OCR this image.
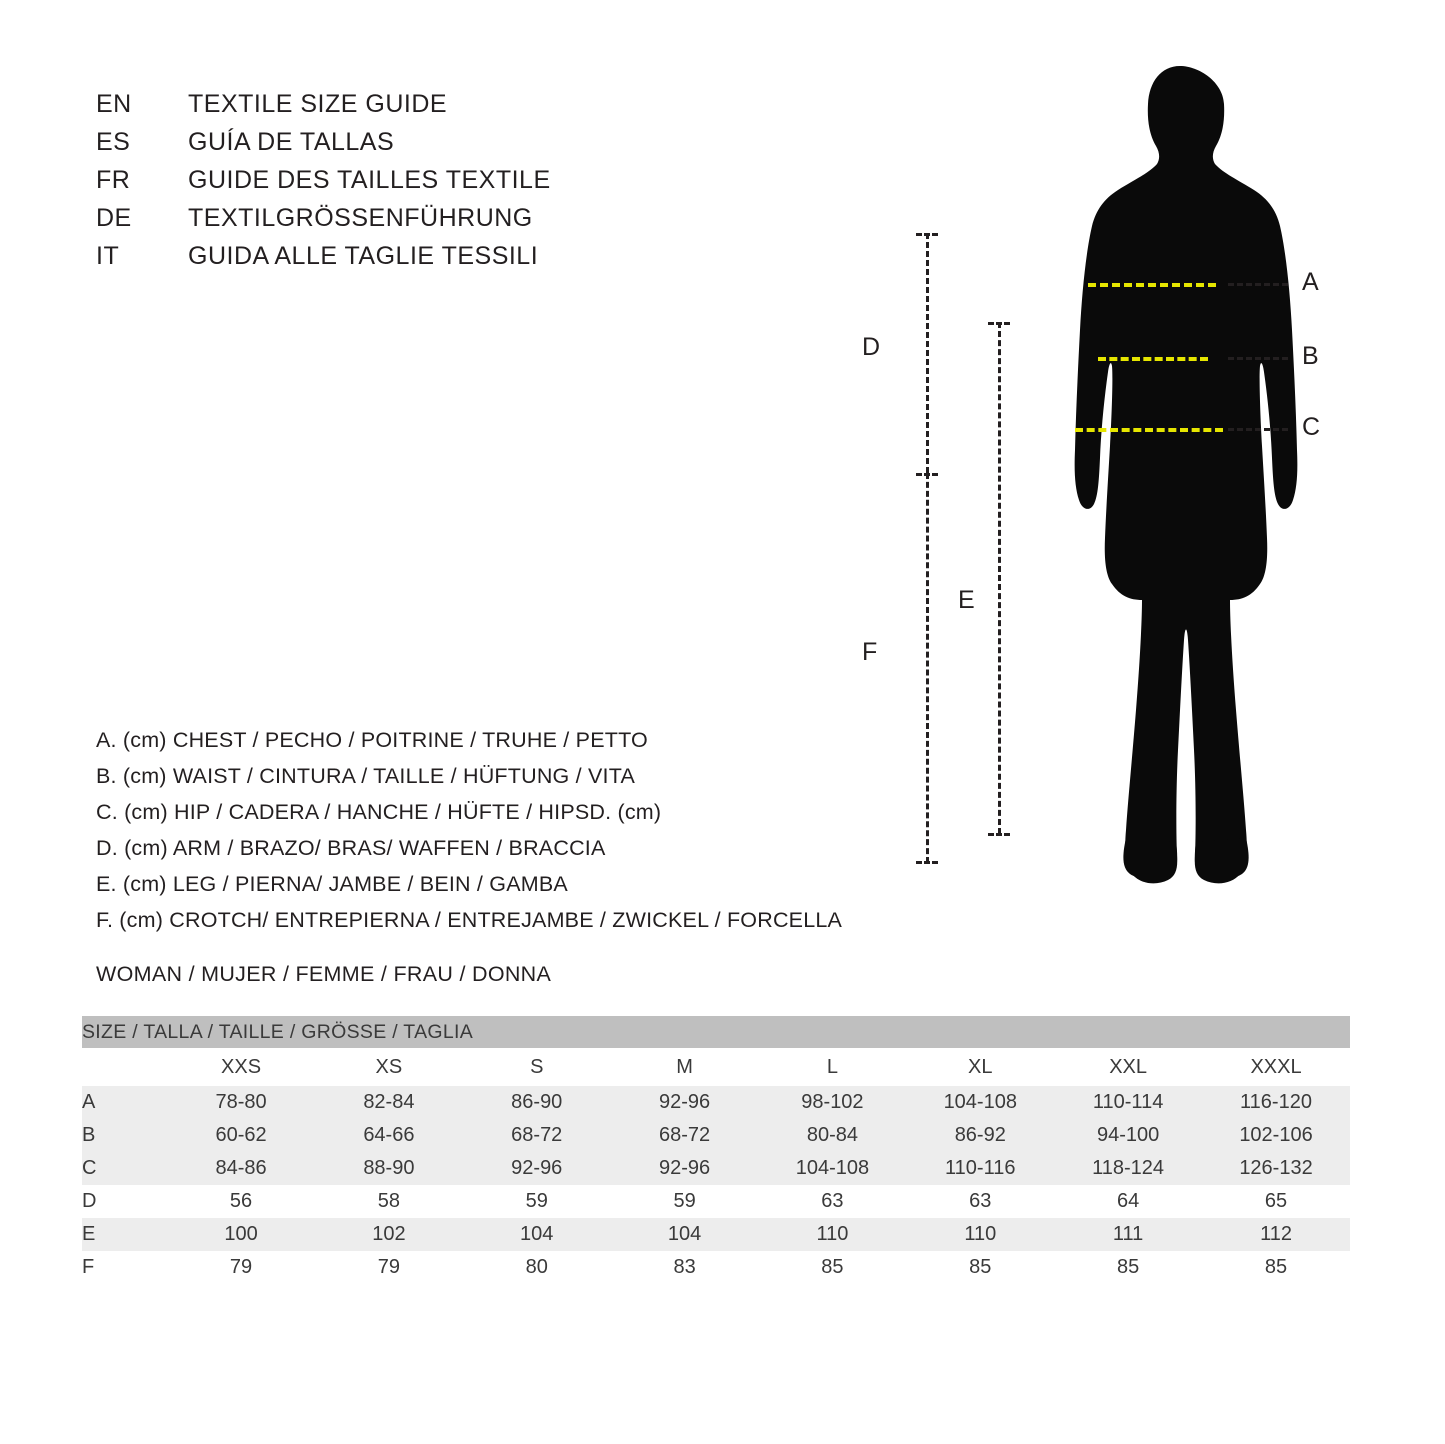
EN	TEXTILE SIZE GUIDE
ES	GUÍA DE TALLAS
FR	GUIDE DES TAILLES TEXTILE
DE	TEXTILGRÖSSENFÜHRUNG
IT	GUIDA ALLE TAGLIE TESSILI
A
B
C
D
F
E
A. (cm) CHEST / PECHO / POITRINE / TRUHE / PETTO
B. (cm) WAIST / CINTURA / TAILLE / HÜFTUNG / VITA
C. (cm) HIP / CADERA / HANCHE / HÜFTE / HIPSD. (cm)
D. (cm) ARM / BRAZO/ BRAS/ WAFFEN / BRACCIA
E. (cm) LEG / PIERNA/ JAMBE / BEIN / GAMBA
F. (cm) CROTCH/ ENTREPIERNA / ENTREJAMBE / ZWICKEL / FORCELLA
WOMAN / MUJER / FEMME / FRAU / DONNA
SIZE / TALLA / TAILLE / GRÖSSE / TAGLIA								
	XXS	XS	S	M	L	XL	XXL	XXXL
A	78-80	82-84	86-90	92-96	98-102	104-108	110-114	116-120
B	60-62	64-66	68-72	68-72	80-84	86-92	94-100	102-106
C	84-86	88-90	92-96	92-96	104-108	110-116	118-124	126-132
D	56	58	59	59	63	63	64	65
E	100	102	104	104	110	110	111	112
F	79	79	80	83	85	85	85	85
